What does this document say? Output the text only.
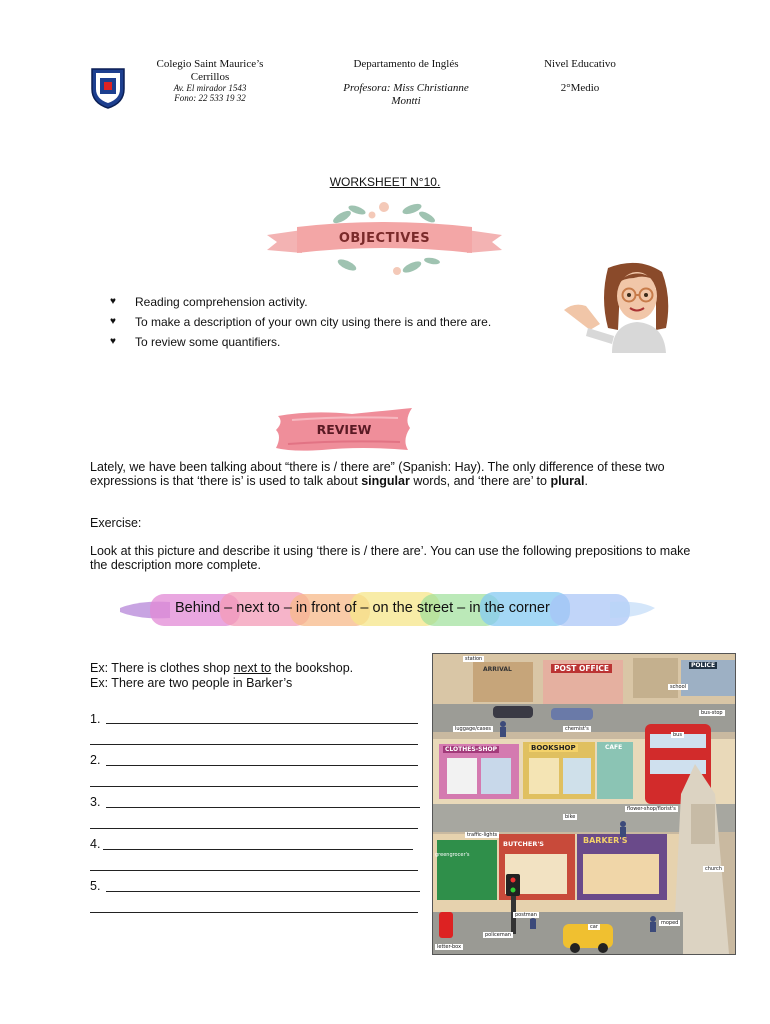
Colegio Saint Maurice’s
Cerrillos
Av. El mirador 1543
Fono: 22 533 19 32
Departamento de Inglés
Profesora: Miss Christianne
Montti
Nivel Educativo
2°Medio
WORKSHEET N°10.
OBJECTIVES
♥	Reading comprehension activity.
♥	To make a description of your own city using there is and there are.
♥	To review some quantifiers.
REVIEW

Lately, we have been talking about “there is / there are” (Spanish: Hay). The only difference of these two expressions is that ‘there is’ is used to talk about singular words, and ‘there are’ to plural.

Exercise:

Look at this picture and describe it using ‘there is / there are’. You can use the following prepositions to make the description more complete.

Behind – next to – in front of – on the street – in the corner
Ex: There is clothes shop next to the bookshop.
Ex: There are two people in Barker’s
1.
2.
3.
4.
5.
station
ARRIVAL	POST OFFICE	POLICE
school
bus-stop
luggage/cases	chemist's
bus
CLOTHES-SHOP	BOOKSHOP	CAFE
bike
flower-shop/florist's
traffic-lights
greengrocer's
BUTCHER'S	BARKER'S
church
postman
car
moped
policeman
letter-box
